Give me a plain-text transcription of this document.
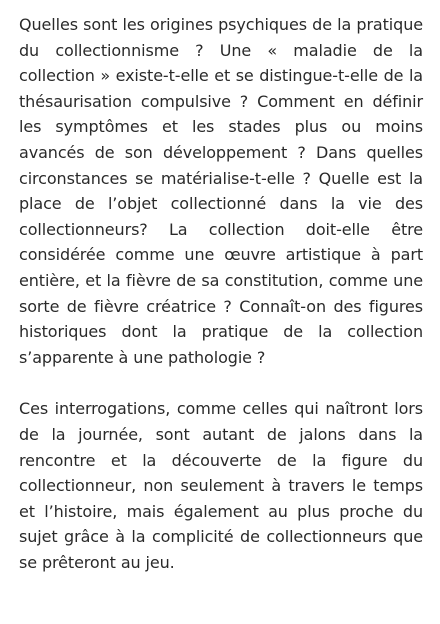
Quelles sont les origines psychiques de la pratique du collectionnisme ? Une « maladie de la collection » existe-t-elle et se distingue-t-elle de la thésaurisation compulsive ? Comment en définir les symptômes et les stades plus ou moins avancés de son développement ? Dans quelles circonstances se matérialise-t-elle ? Quelle est la place de l’objet collectionné dans la vie des collectionneurs? La collection doit-elle être considérée comme une œuvre artistique à part entière, et la fièvre de sa constitution, comme une sorte de fièvre créatrice ? Connaît-on des figures historiques dont la pratique de la collection s’apparente à une pathologie ?

Ces interrogations, comme celles qui naîtront lors de la journée, sont autant de jalons dans la rencontre et la découverte de la figure du collectionneur, non seulement à travers le temps et l’histoire, mais également au plus proche du sujet grâce à la complicité de collectionneurs que se prêteront au jeu.
